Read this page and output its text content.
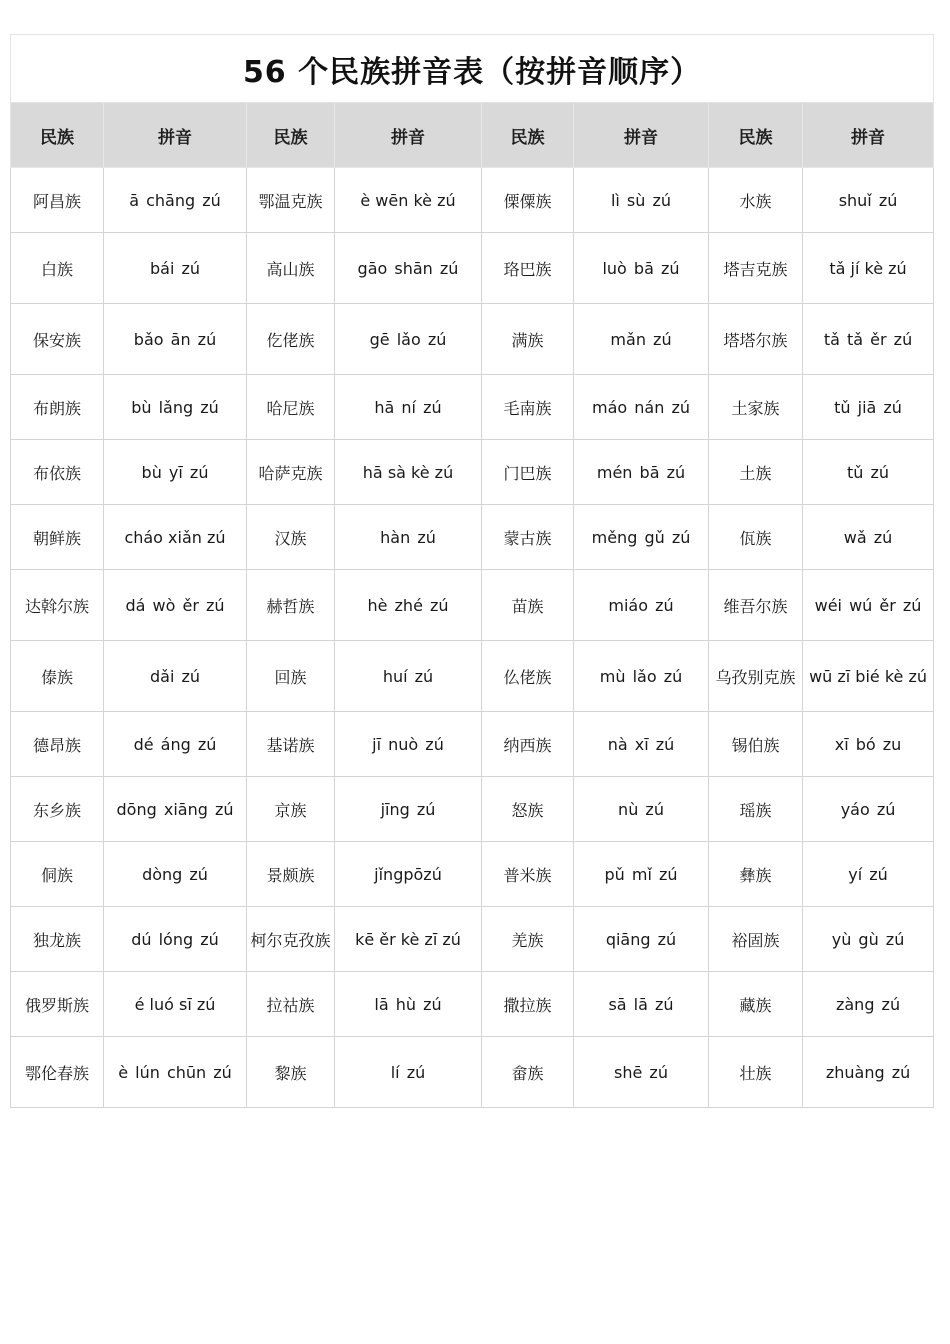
56 个民族拼音表（按拼音顺序）							
民族	拼音	民族	拼音	民族	拼音	民族	拼音
阿昌族	ā chāng zú	鄂温克族	è wēn kè zú	傈僳族	lì sù zú	水族	shuǐ zú
白族	bái zú	高山族	gāo shān zú	珞巴族	luò bā zú	塔吉克族	tǎ jí kè zú
保安族	bǎo ān zú	仡佬族	gē lǎo zú	满族	mǎn zú	塔塔尔族	tǎ tǎ ěr zú
布朗族	bù lǎng zú	哈尼族	hā ní zú	毛南族	máo nán zú	土家族	tǔ jiā zú
布依族	bù yī zú	哈萨克族	hā sà kè zú	门巴族	mén bā zú	土族	tǔ zú
朝鲜族	cháo xiǎn zú	汉族	hàn zú	蒙古族	měng gǔ zú	佤族	wǎ zú
达斡尔族	dá wò ěr zú	赫哲族	hè zhé zú	苗族	miáo zú	维吾尔族	wéi wú ěr zú
傣族	dǎi zú	回族	huí zú	仫佬族	mù lǎo zú	乌孜别克族	wū zī bié kè zú
德昂族	dé áng zú	基诺族	jī nuò zú	纳西族	nà xī zú	锡伯族	xī bó zu
东乡族	dōng xiāng zú	京族	jīng zú	怒族	nù zú	瑶族	yáo zú
侗族	dòng zú	景颇族	jǐngpōzú	普米族	pǔ mǐ zú	彝族	yí zú
独龙族	dú lóng zú	柯尔克孜族	kē ěr kè zī zú	羌族	qiāng zú	裕固族	yù gù zú
俄罗斯族	é luó sī zú	拉祜族	lā hù zú	撒拉族	sā lā zú	藏族	zàng zú
鄂伦春族	è lún chūn zú	黎族	lí zú	畲族	shē zú	壮族	zhuàng zú
